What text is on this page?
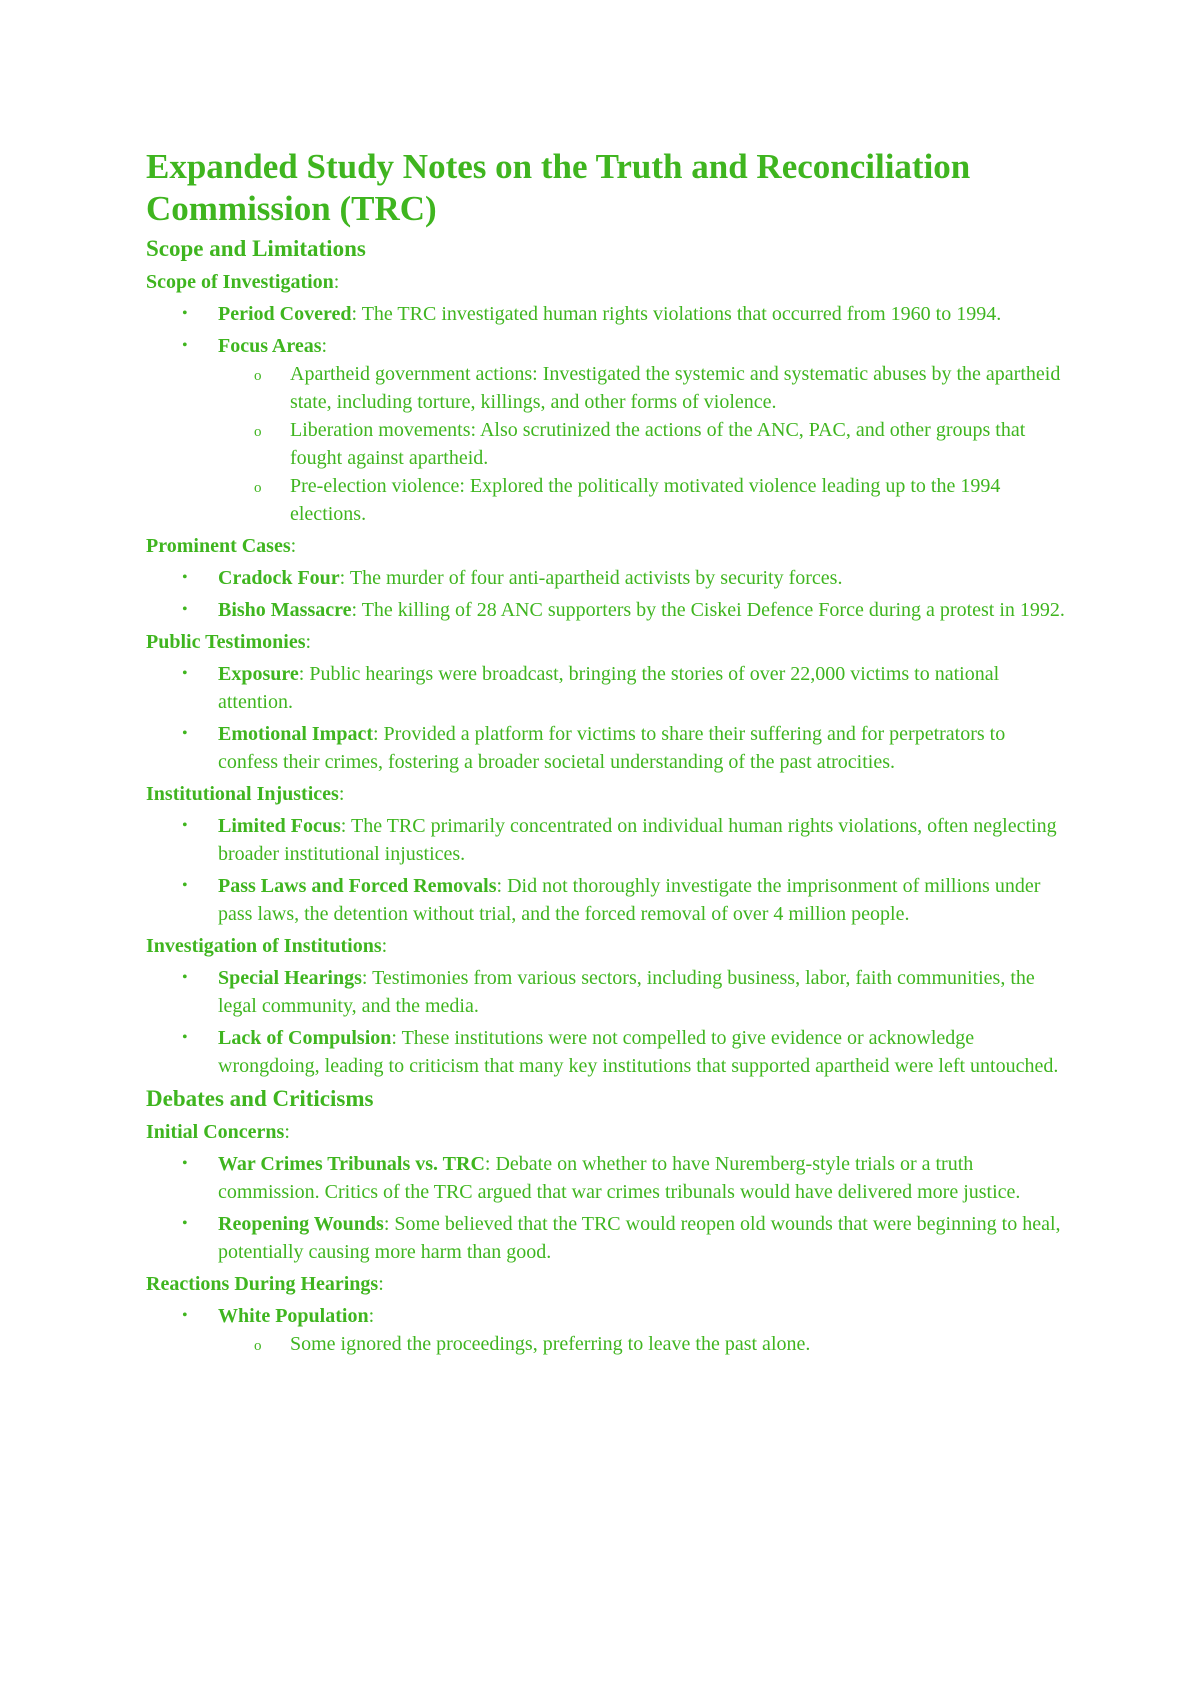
Expanded Study Notes on the Truth and Reconciliation Commission (TRC)
Scope and Limitations
Scope of Investigation:
• Period Covered: The TRC investigated human rights violations that occurred from 1960 to 1994.
• Focus Areas:
o Apartheid government actions: Investigated the systemic and systematic abuses by the apartheid state, including torture, killings, and other forms of violence.
o Liberation movements: Also scrutinized the actions of the ANC, PAC, and other groups that fought against apartheid.
o Pre-election violence: Explored the politically motivated violence leading up to the 1994 elections.
Prominent Cases:
• Cradock Four: The murder of four anti-apartheid activists by security forces.
• Bisho Massacre: The killing of 28 ANC supporters by the Ciskei Defence Force during a protest in 1992.
Public Testimonies:
• Exposure: Public hearings were broadcast, bringing the stories of over 22,000 victims to national attention.
• Emotional Impact: Provided a platform for victims to share their suffering and for perpetrators to confess their crimes, fostering a broader societal understanding of the past atrocities.
Institutional Injustices:
• Limited Focus: The TRC primarily concentrated on individual human rights violations, often neglecting broader institutional injustices.
• Pass Laws and Forced Removals: Did not thoroughly investigate the imprisonment of millions under pass laws, the detention without trial, and the forced removal of over 4 million people.
Investigation of Institutions:
• Special Hearings: Testimonies from various sectors, including business, labor, faith communities, the legal community, and the media.
• Lack of Compulsion: These institutions were not compelled to give evidence or acknowledge wrongdoing, leading to criticism that many key institutions that supported apartheid were left untouched.
Debates and Criticisms
Initial Concerns:
• War Crimes Tribunals vs. TRC: Debate on whether to have Nuremberg-style trials or a truth commission. Critics of the TRC argued that war crimes tribunals would have delivered more justice.
• Reopening Wounds: Some believed that the TRC would reopen old wounds that were beginning to heal, potentially causing more harm than good.
Reactions During Hearings:
• White Population:
o Some ignored the proceedings, preferring to leave the past alone.
